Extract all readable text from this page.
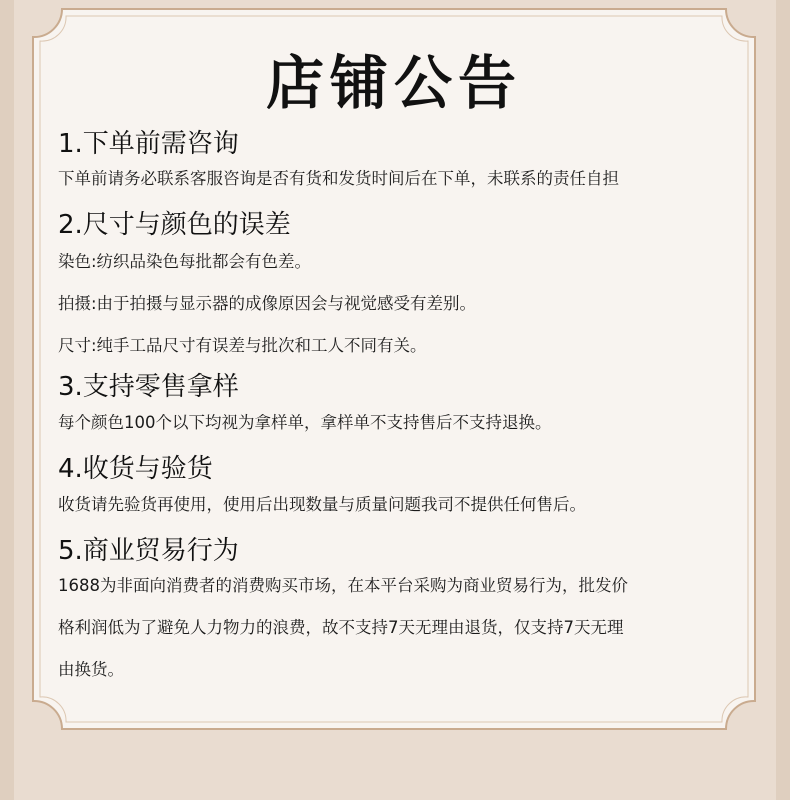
店铺公告
1.下单前需咨询

下单前请务必联系客服咨询是否有货和发货时间后在下单，未联系的责任自担

2.尺寸与颜色的误差

染色:纺织品染色每批都会有色差。

拍摄:由于拍摄与显示器的成像原因会与视觉感受有差别。

尺寸:纯手工品尺寸有误差与批次和工人不同有关。

3.支持零售拿样

每个颜色100个以下均视为拿样单，拿样单不支持售后不支持退换。

4.收货与验货

收货请先验货再使用，使用后出现数量与质量问题我司不提供任何售后。

5.商业贸易行为

1688为非面向消费者的消费购买市场，在本平台采购为商业贸易行为，批发价

格利润低为了避免人力物力的浪费，故不支持7天无理由退货，仅支持7天无理

由换货。
